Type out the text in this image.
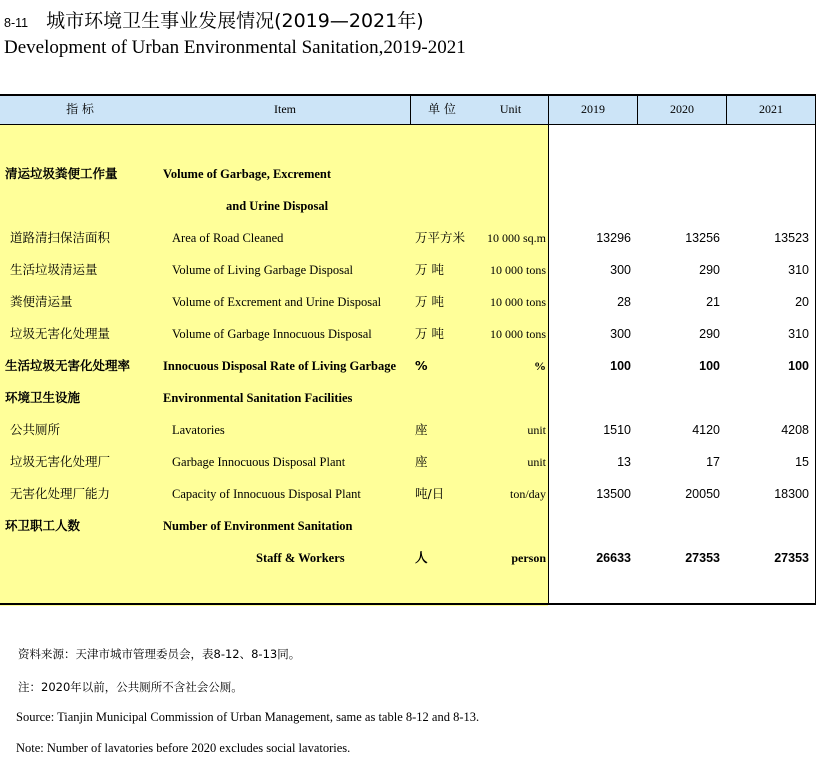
8-11 城市环境卫生事业发展情况(2019—2021年)
Development of Urban Environmental Sanitation,2019-2021
指 标	Item	单 位	Unit	2019	2020	2021
清运垃圾粪便工作量	Volume of Garbage, Excrement
and Urine Disposal
道路清扫保洁面积	Area of Road Cleaned	万平方米	10 000 sq.m	13296	13256	13523
生活垃圾清运量	Volume of Living Garbage Disposal	万 吨	10 000 tons	300	290	310
粪便清运量	Volume of Excrement and Urine Disposal	万 吨	10 000 tons	28	21	20
垃圾无害化处理量	Volume of Garbage Innocuous Disposal	万 吨	10 000 tons	300	290	310
生活垃圾无害化处理率	Innocuous Disposal Rate of Living Garbage	%	%	100	100	100
环境卫生设施	Environmental Sanitation Facilities
公共厕所	Lavatories	座	unit	1510	4120	4208
垃圾无害化处理厂	Garbage Innocuous Disposal Plant	座	unit	13	17	15
无害化处理厂能力	Capacity of Innocuous Disposal Plant	吨/日	ton/day	13500	20050	18300
环卫职工人数	Number of Environment Sanitation
Staff & Workers	人	person	26633	27353	27353
资料来源：天津市城市管理委员会，表8-12、8-13同。
注：2020年以前，公共厕所不含社会公厕。
Source: Tianjin Municipal Commission of Urban Management, same as table 8-12 and 8-13.
Note: Number of lavatories before 2020 excludes social lavatories.
